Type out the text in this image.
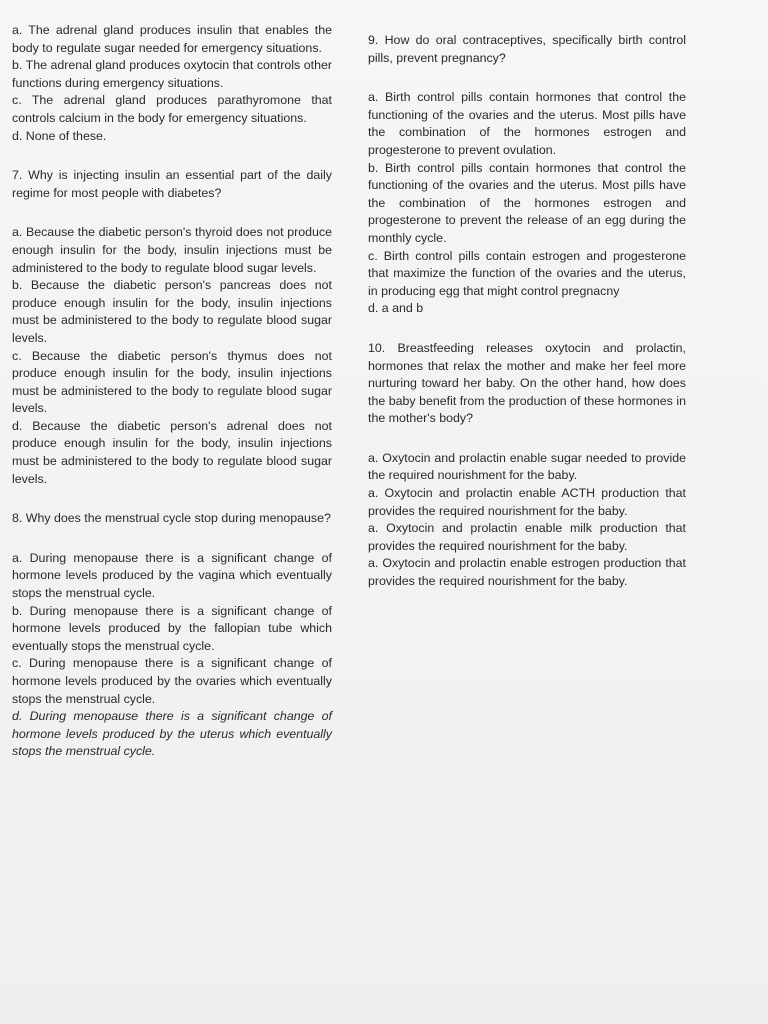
a. The adrenal gland produces insulin that enables the body to regulate sugar needed for emergency situations.

b. The adrenal gland produces oxytocin that controls other functions during emergency situations.

c. The adrenal gland produces parathyromone that controls calcium in the body for emergency situations.

d. None of these.

7. Why is injecting insulin an essential part of the daily regime for most people with diabetes?

a. Because the diabetic person's thyroid does not produce enough insulin for the body, insulin injections must be administered to the body to regulate blood sugar levels.

b. Because the diabetic person's pancreas does not produce enough insulin for the body, insulin injections must be administered to the body to regulate blood sugar levels.

c. Because the diabetic person's thymus does not produce enough insulin for the body, insulin injections must be administered to the body to regulate blood sugar levels.

d. Because the diabetic person's adrenal does not produce enough insulin for the body, insulin injections must be administered to the body to regulate blood sugar levels.

8. Why does the menstrual cycle stop during menopause?

a. During menopause there is a significant change of hormone levels produced by the vagina which eventually stops the menstrual cycle.

b. During menopause there is a significant change of hormone levels produced by the fallopian tube which eventually stops the menstrual cycle.

c. During menopause there is a significant change of hormone levels produced by the ovaries which eventually stops the menstrual cycle.

d. During menopause there is a significant change of hormone levels produced by the uterus which eventually stops the menstrual cycle.

9. How do oral contraceptives, specifically birth control pills, prevent pregnancy?

a. Birth control pills contain hormones that control the functioning of the ovaries and the uterus. Most pills have the combination of the hormones estrogen and progesterone to prevent ovulation.

b. Birth control pills contain hormones that control the functioning of the ovaries and the uterus. Most pills have the combination of the hormones estrogen and progesterone to prevent the release of an egg during the monthly cycle.

c. Birth control pills contain estrogen and progesterone that maximize the function of the ovaries and the uterus, in producing egg that might control pregnacny

d. a and b

10. Breastfeeding releases oxytocin and prolactin, hormones that relax the mother and make her feel more nurturing toward her baby. On the other hand, how does the baby benefit from the production of these hormones in the mother's body?

a. Oxytocin and prolactin enable sugar needed to provide the required nourishment for the baby.

a. Oxytocin and prolactin enable ACTH production that provides the required nourishment for the baby.

a. Oxytocin and prolactin enable milk production that provides the required nourishment for the baby.

a. Oxytocin and prolactin enable estrogen production that provides the required nourishment for the baby.
